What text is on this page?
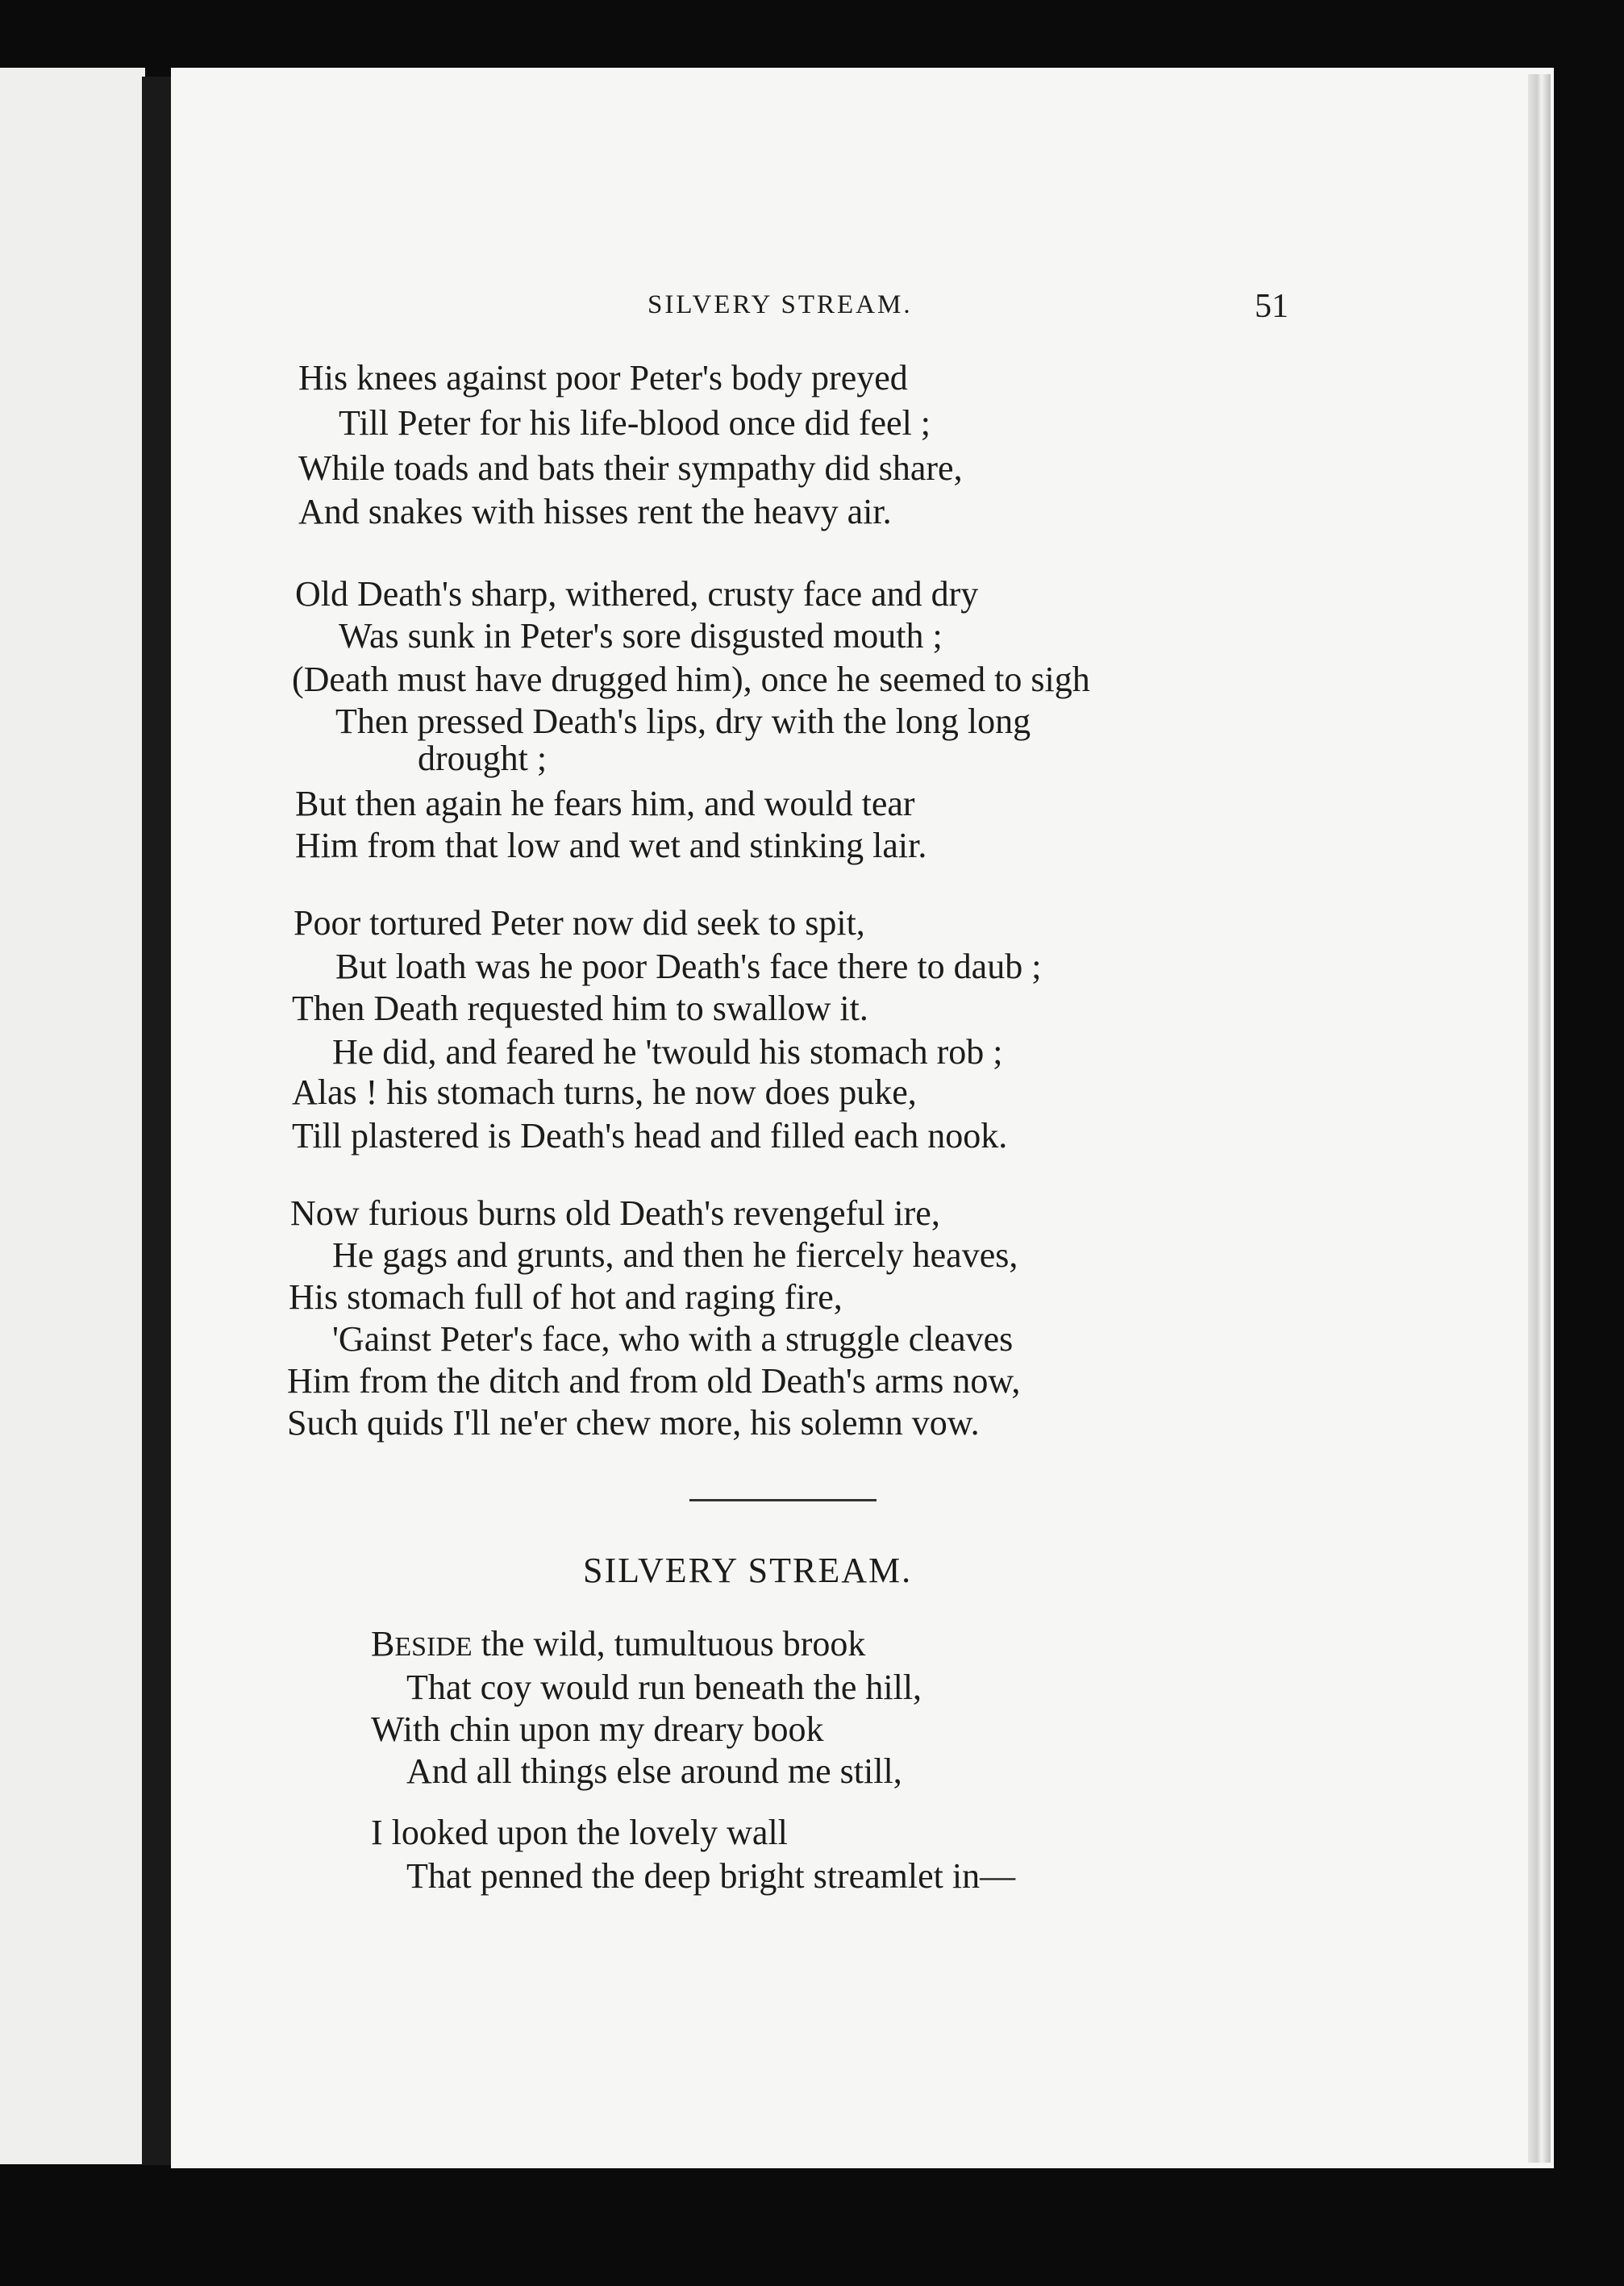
SILVERY STREAM.	51
His knees against poor Peter's body preyed
Till Peter for his life-blood once did feel ;
While toads and bats their sympathy did share,
And snakes with hisses rent the heavy air.
Old Death's sharp, withered, crusty face and dry
Was sunk in Peter's sore disgusted mouth ;
(Death must have drugged him), once he seemed to sigh
Then pressed Death's lips, dry with the long long
drought ;
But then again he fears him, and would tear
Him from that low and wet and stinking lair.
Poor tortured Peter now did seek to spit,
But loath was he poor Death's face there to daub ;
Then Death requested him to swallow it.
He did, and feared he 'twould his stomach rob ;
Alas ! his stomach turns, he now does puke,
Till plastered is Death's head and filled each nook.
Now furious burns old Death's revengeful ire,
He gags and grunts, and then he fiercely heaves,
His stomach full of hot and raging fire,
'Gainst Peter's face, who with a struggle cleaves
Him from the ditch and from old Death's arms now,
Such quids I'll ne'er chew more, his solemn vow.
SILVERY STREAM.
BESIDE the wild, tumultuous brook
That coy would run beneath the hill,
With chin upon my dreary book
And all things else around me still,
I looked upon the lovely wall
That penned the deep bright streamlet in—
